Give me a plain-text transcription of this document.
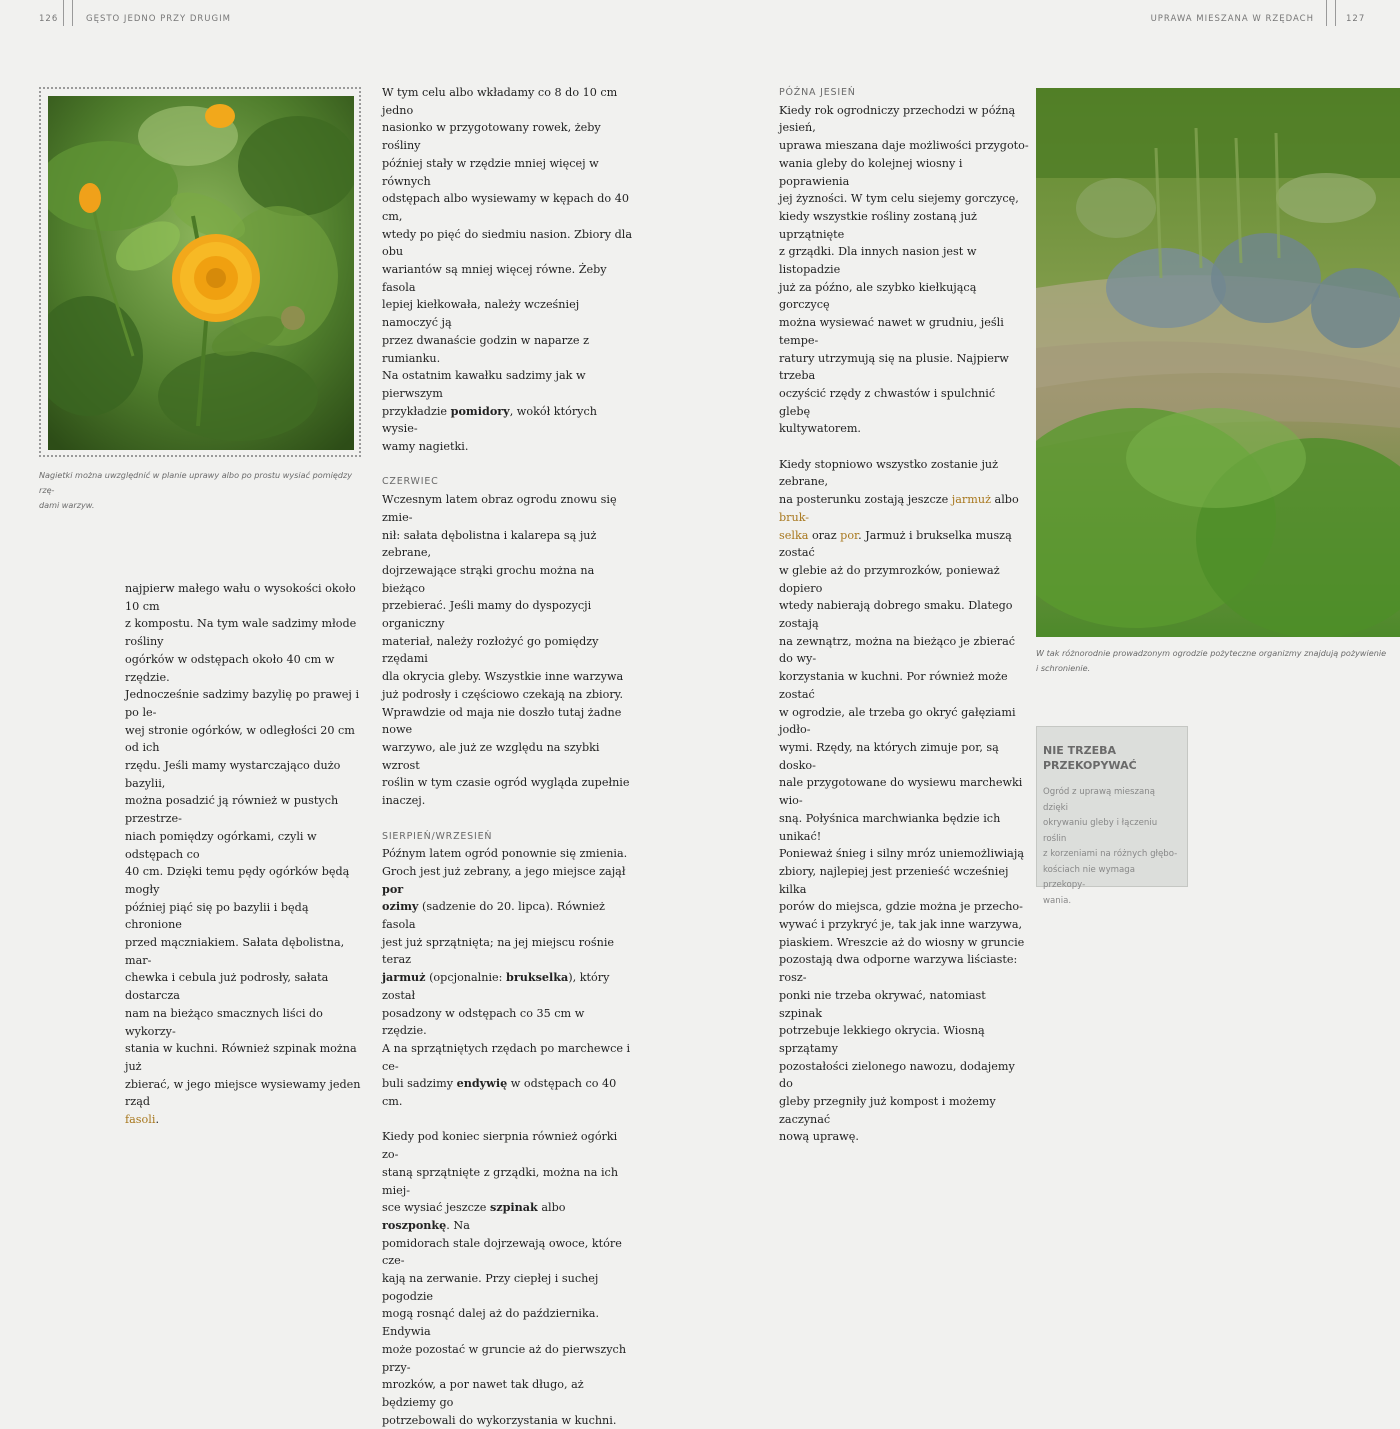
126	GĘSTO JEDNO PRZY DRUGIM	UPRAWA MIESZANA W RZĘDACH	127
Nagietki można uwzględnić w planie uprawy albo po prostu wysiać pomiędzy rzę-
dami warzyw.

najpierw małego wału o wysokości około 10 cm

z kompostu. Na tym wale sadzimy młode rośliny

ogórków w odstępach około 40 cm w rzędzie.

Jednocześnie sadzimy bazylię po prawej i po le-

wej stronie ogórków, w odległości 20 cm od ich

rzędu. Jeśli mamy wystarczająco dużo bazylii,

można posadzić ją również w pustych przestrze-

niach pomiędzy ogórkami, czyli w odstępach co

40 cm. Dzięki temu pędy ogórków będą mogły

później piąć się po bazylii i będą chronione

przed mączniakiem. Sałata dębolistna, mar-

chewka i cebula już podrosły, sałata dostarcza

nam na bieżąco smacznych liści do wykorzy-

stania w kuchni. Również szpinak można już

zbierać, w jego miejsce wysiewamy jeden rząd

fasoli.

W tym celu albo wkładamy co 8 do 10 cm jedno

nasionko w przygotowany rowek, żeby rośliny

później stały w rzędzie mniej więcej w równych

odstępach albo wysiewamy w kępach do 40 cm,

wtedy po pięć do siedmiu nasion. Zbiory dla obu

wariantów są mniej więcej równe. Żeby fasola

lepiej kiełkowała, należy wcześniej namoczyć ją

przez dwanaście godzin w naparze z rumianku.

Na ostatnim kawałku sadzimy jak w pierwszym

przykładzie pomidory, wokół których wysie-

wamy nagietki.

CZERWIEC

Wczesnym latem obraz ogrodu znowu się zmie-

nił: sałata dębolistna i kalarepa są już zebrane,

dojrzewające strąki grochu można na bieżąco

przebierać. Jeśli mamy do dyspozycji organiczny

materiał, należy rozłożyć go pomiędzy rzędami

dla okrycia gleby. Wszystkie inne warzywa

już podrosły i częściowo czekają na zbiory.

Wprawdzie od maja nie doszło tutaj żadne nowe

warzywo, ale już ze względu na szybki wzrost

roślin w tym czasie ogród wygląda zupełnie

inaczej.

SIERPIEŃ/WRZESIEŃ

Późnym latem ogród ponownie się zmienia.

Groch jest już zebrany, a jego miejsce zajął por

ozimy (sadzenie do 20. lipca). Również fasola

jest już sprzątnięta; na jej miejscu rośnie teraz

jarmuż (opcjonalnie: brukselka), który został

posadzony w odstępach co 35 cm w rzędzie.

A na sprzątniętych rzędach po marchewce i ce-

buli sadzimy endywię w odstępach co 40 cm.

Kiedy pod koniec sierpnia również ogórki zo-

staną sprzątnięte z grządki, można na ich miej-

sce wysiać jeszcze szpinak albo roszponkę. Na

pomidorach stale dojrzewają owoce, które cze-

kają na zerwanie. Przy ciepłej i suchej pogodzie

mogą rosnąć dalej aż do października. Endywia

może pozostać w gruncie aż do pierwszych przy-

mrozków, a por nawet tak długo, aż będziemy go

potrzebowali do wykorzystania w kuchni.

PÓŹNA JESIEŃ

Kiedy rok ogrodniczy przechodzi w późną jesień,

uprawa mieszana daje możliwości przygoto-

wania gleby do kolejnej wiosny i poprawienia

jej żyzności. W tym celu siejemy gorczycę,

kiedy wszystkie rośliny zostaną już uprzątnięte

z grządki. Dla innych nasion jest w listopadzie

już za późno, ale szybko kiełkującą gorczycę

można wysiewać nawet w grudniu, jeśli tempe-

ratury utrzymują się na plusie. Najpierw trzeba

oczyścić rzędy z chwastów i spulchnić glebę

kultywatorem.

Kiedy stopniowo wszystko zostanie już zebrane,

na posterunku zostają jeszcze jarmuż albo bruk-

selka oraz por. Jarmuż i brukselka muszą zostać

w glebie aż do przymrozków, ponieważ dopiero

wtedy nabierają dobrego smaku. Dlatego zostają

na zewnątrz, można na bieżąco je zbierać do wy-

korzystania w kuchni. Por również może zostać

w ogrodzie, ale trzeba go okryć gałęziami jodło-

wymi. Rzędy, na których zimuje por, są dosko-

nale przygotowane do wysiewu marchewki wio-

sną. Połyśnica marchwianka będzie ich unikać!

Ponieważ śnieg i silny mróz uniemożliwiają

zbiory, najlepiej jest przenieść wcześniej kilka

porów do miejsca, gdzie można je przecho-

wywać i przykryć je, tak jak inne warzywa,

piaskiem. Wreszcie aż do wiosny w gruncie

pozostają dwa odporne warzywa liściaste: rosz-

ponki nie trzeba okrywać, natomiast szpinak

potrzebuje lekkiego okrycia. Wiosną sprzątamy

pozostałości zielonego nawozu, dodajemy do

gleby przegniły już kompost i możemy zaczynać

nową uprawę.

W tak różnorodnie prowadzonym ogrodzie pożyteczne organizmy znajdują pożywienie
i schronienie.
NIE TRZEBA
PRZEKOPYWAĆ
Ogród z uprawą mieszaną dzięki
okrywaniu gleby i łączeniu roślin
z korzeniami na różnych głębo-
kościach nie wymaga przekopy-
wania.
